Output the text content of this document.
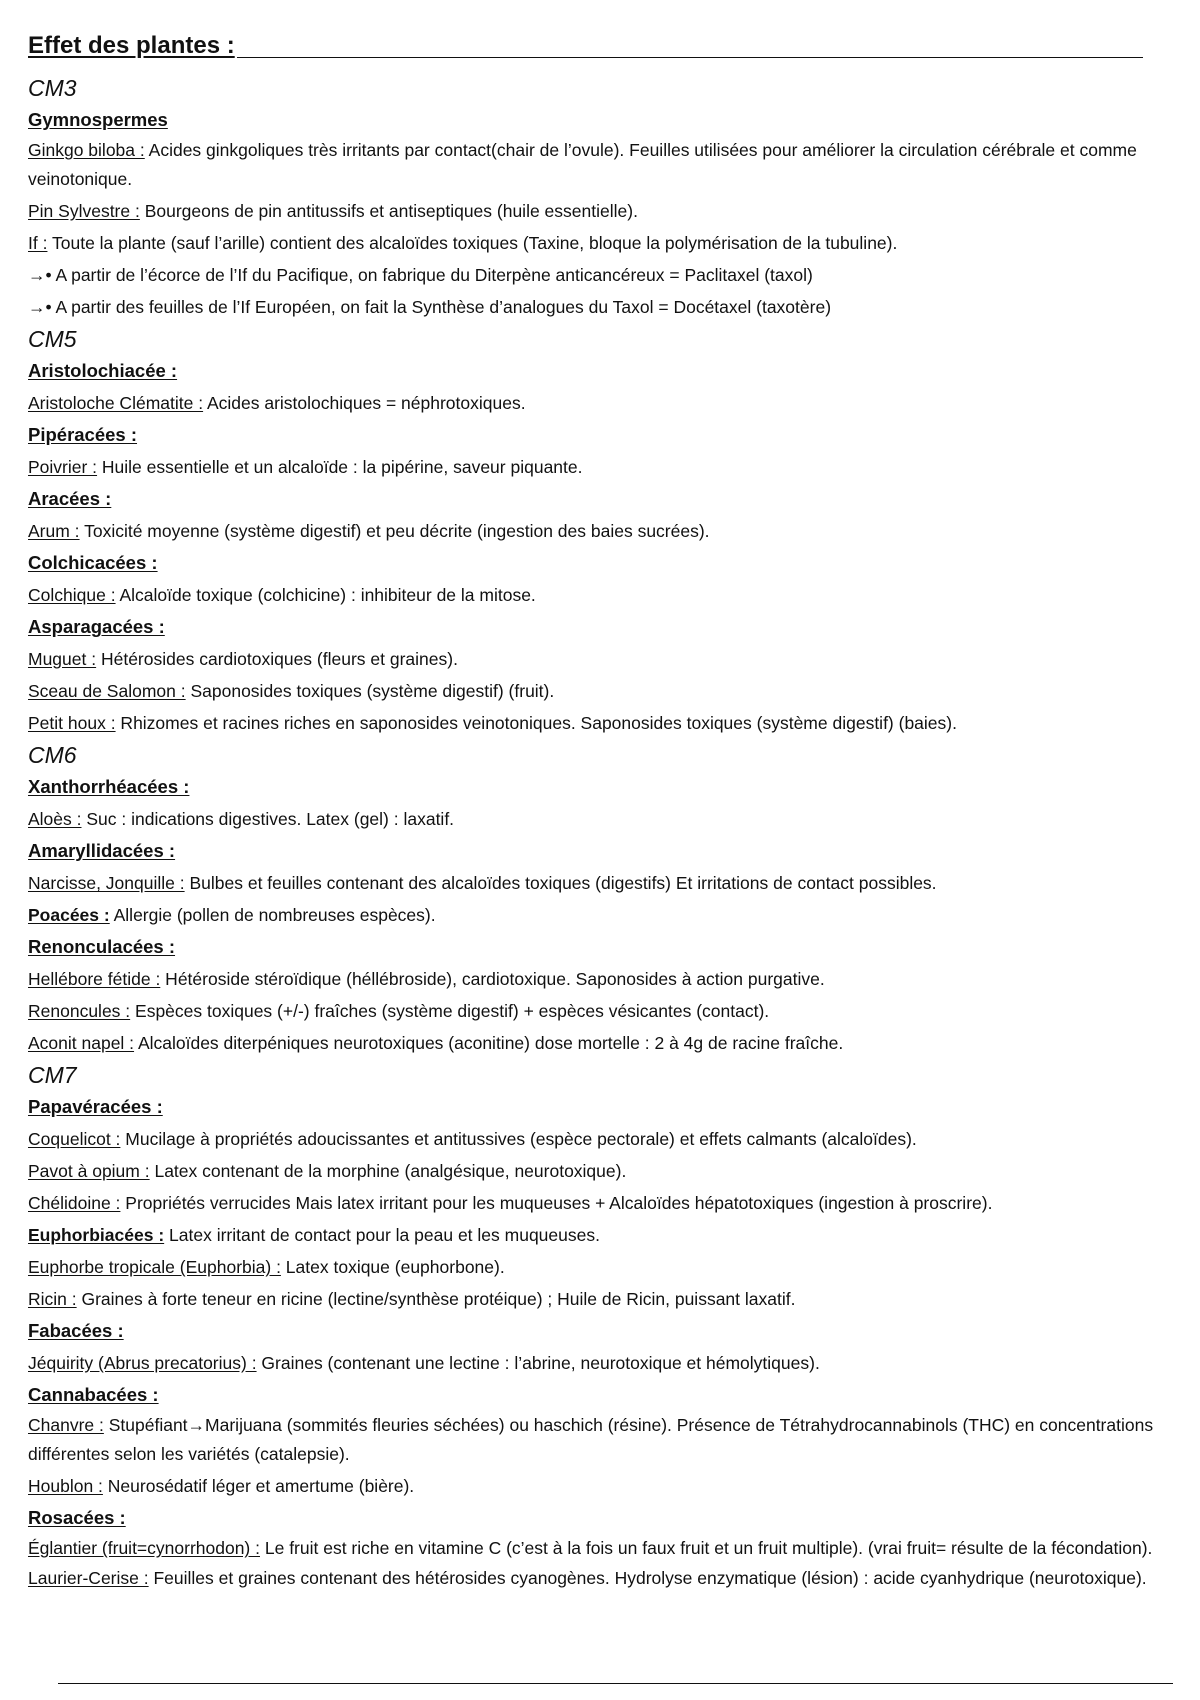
Effet des plantes :
CM3
Gymnospermes
Ginkgo biloba : Acides ginkgoliques très irritants par contact(chair de l’ovule). Feuilles utilisées pour améliorer la circulation cérébrale et comme veinotonique.
Pin Sylvestre : Bourgeons de pin antitussifs et antiseptiques (huile essentielle).
If : Toute la plante (sauf l’arille) contient des alcaloïdes toxiques (Taxine, bloque la polymérisation de la tubuline).
→• A partir de l’écorce de l’If du Pacifique, on fabrique du Diterpène anticancéreux = Paclitaxel (taxol)
→• A partir des feuilles de l’If Européen, on fait la Synthèse d’analogues du Taxol = Docétaxel (taxotère)
CM5
Aristolochiacée :
Aristoloche Clématite : Acides aristolochiques = néphrotoxiques.
Pipéracées :
Poivrier : Huile essentielle et un alcaloïde : la pipérine, saveur piquante.
Aracées :
Arum : Toxicité moyenne (système digestif) et peu décrite (ingestion des baies sucrées).
Colchicacées :
Colchique : Alcaloïde toxique (colchicine) : inhibiteur de la mitose.
Asparagacées :
Muguet : Hétérosides cardiotoxiques (fleurs et graines).
Sceau de Salomon : Saponosides toxiques (système digestif) (fruit).
Petit houx : Rhizomes et racines riches en saponosides veinotoniques. Saponosides toxiques (système digestif) (baies).
CM6
Xanthorrhéacées :
Aloès : Suc : indications digestives. Latex (gel) : laxatif.
Amaryllidacées :
Narcisse, Jonquille : Bulbes et feuilles contenant des alcaloïdes toxiques (digestifs) Et irritations de contact possibles.
Poacées : Allergie (pollen de nombreuses espèces).
Renonculacées :
Hellébore fétide : Hétéroside stéroïdique (héllébroside), cardiotoxique. Saponosides à action purgative.
Renoncules : Espèces toxiques (+/-) fraîches (système digestif) + espèces vésicantes (contact).
Aconit napel : Alcaloïdes diterpéniques neurotoxiques (aconitine) dose mortelle : 2 à 4g de racine fraîche.
CM7
Papavéracées :
Coquelicot : Mucilage à propriétés adoucissantes et antitussives (espèce pectorale) et effets calmants (alcaloïdes).
Pavot à opium : Latex contenant de la morphine (analgésique, neurotoxique).
Chélidoine : Propriétés verrucides Mais latex irritant pour les muqueuses + Alcaloïdes hépatotoxiques (ingestion à proscrire).
Euphorbiacées : Latex irritant de contact pour la peau et les muqueuses.
Euphorbe tropicale (Euphorbia) : Latex toxique (euphorbone).
Ricin : Graines à forte teneur en ricine (lectine/synthèse protéique) ; Huile de Ricin, puissant laxatif.
Fabacées :
Jéquirity (Abrus precatorius) : Graines (contenant une lectine : l’abrine, neurotoxique et hémolytiques).
Cannabacées :
Chanvre : Stupéfiant→Marijuana (sommités fleuries séchées) ou haschich (résine). Présence de Tétrahydrocannabinols (THC) en concentrations différentes selon les variétés (catalepsie).
Houblon : Neurosédatif léger et amertume (bière).
Rosacées :
Églantier (fruit=cynorrhodon) : Le fruit est riche en vitamine C (c’est à la fois un faux fruit et un fruit multiple). (vrai fruit= résulte de la fécondation).
Laurier-Cerise : Feuilles et graines contenant des hétérosides cyanogènes. Hydrolyse enzymatique (lésion) : acide cyanhydrique (neurotoxique).
